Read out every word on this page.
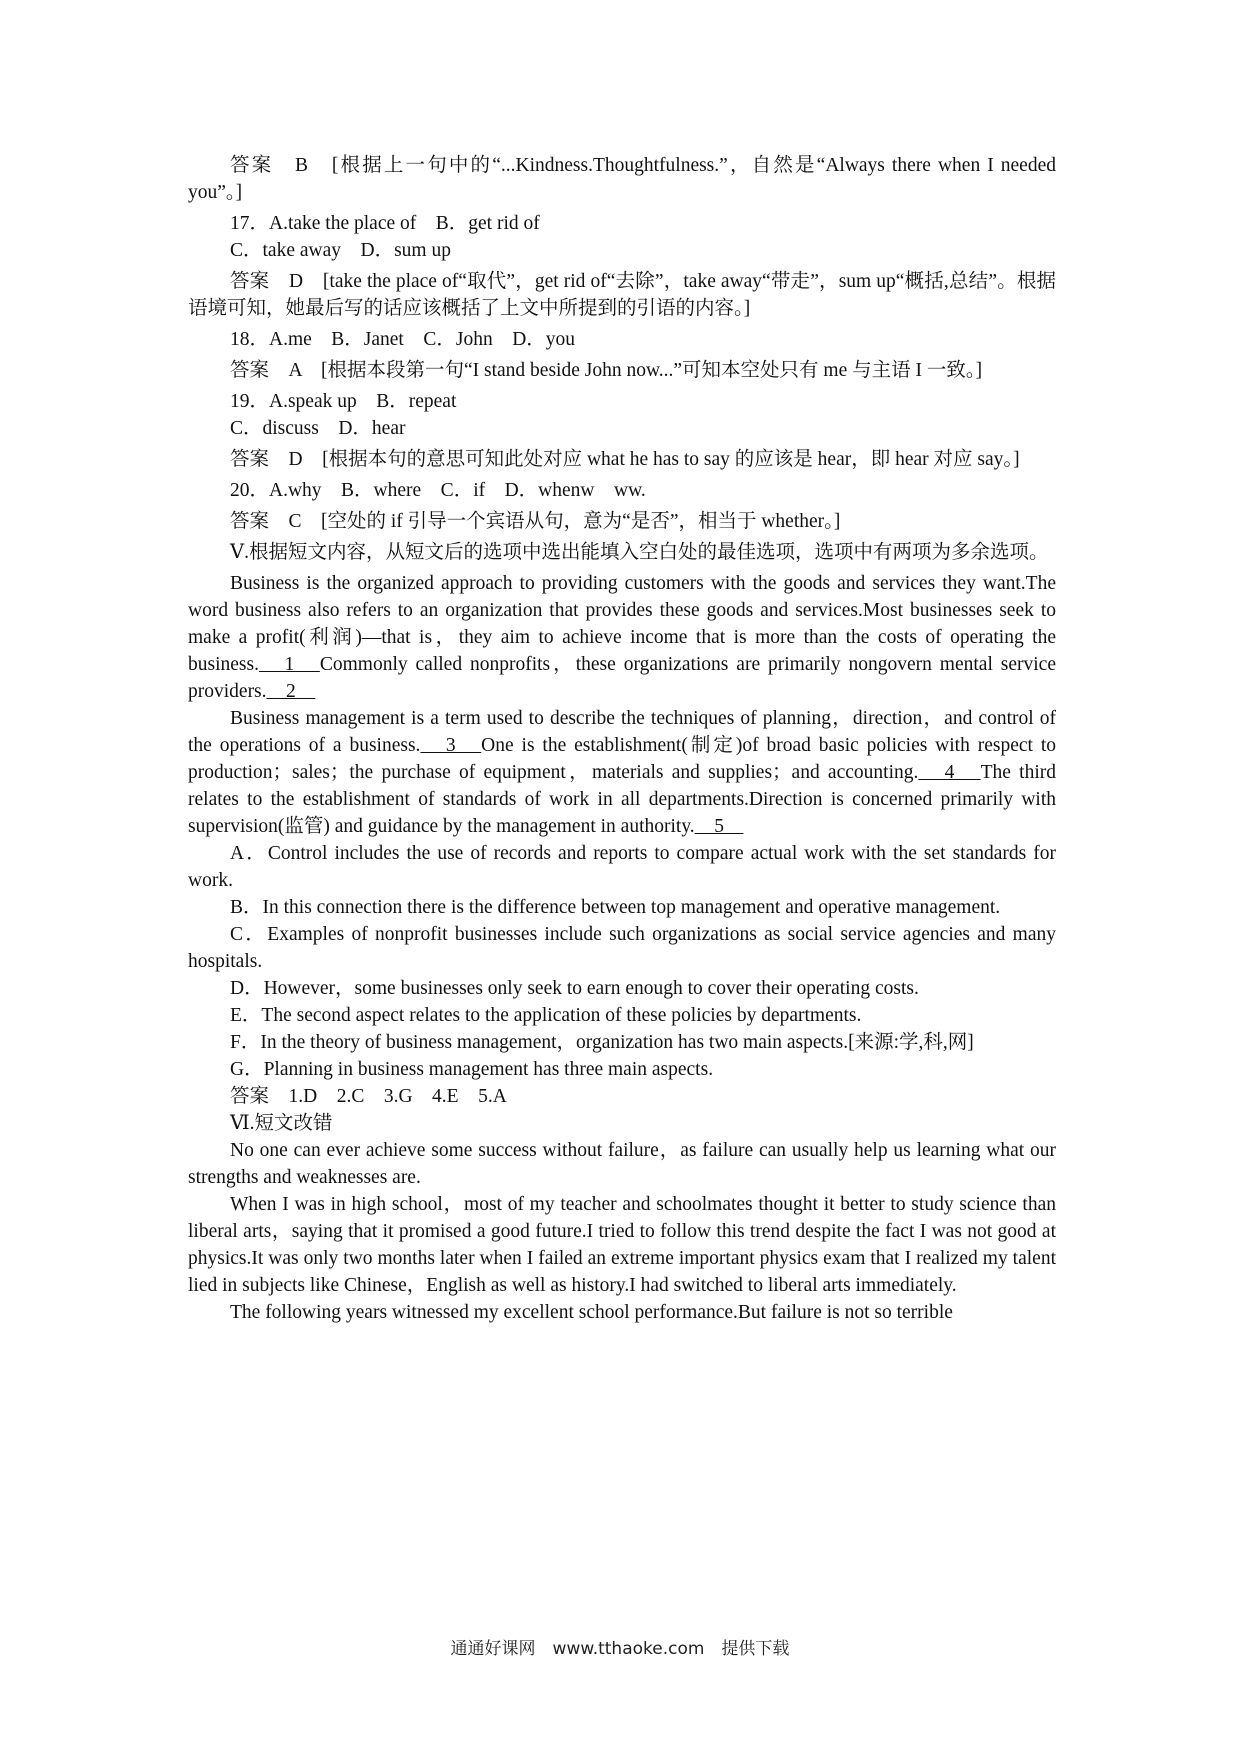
答案　B　[根据上一句中的“...Kindness.Thoughtfulness.”，自然是“Always there when I needed you”。]

17．A.take the place of　B．get rid of

C．take away　D．sum up

答案　D　[take the place of“取代”，get rid of“去除”，take away“带走”，sum up“概括,总结”。根据语境可知，她最后写的话应该概括了上文中所提到的引语的内容。]

18．A.me　B．Janet　C．John　D．you

答案　A　[根据本段第一句“I stand beside John now...”可知本空处只有 me 与主语 I 一致。]

19．A.speak up　B．repeat

C．discuss　D．hear

答案　D　[根据本句的意思可知此处对应 what he has to say 的应该是 hear，即 hear 对应 say。]

20．A.why　B．where　C．if　D．whenw　ww.

答案　C　[空处的 if 引导一个宾语从句，意为“是否”，相当于 whether。]

Ⅴ.根据短文内容，从短文后的选项中选出能填入空白处的最佳选项，选项中有两项为多余选项。

Business is the organized approach to providing customers with the goods and services they want.The word business also refers to an organization that provides these goods and services.Most businesses seek to make a profit(利润)—that is，they aim to achieve income that is more than the costs of operating the business.　1　Commonly called nonprofits，these organizations are primarily nongovern mental service providers.　2　

Business management is a term used to describe the techniques of planning，direction，and control of the operations of a business.　3　One is the establishment(制定)of broad basic policies with respect to production；sales；the purchase of equipment，materials and supplies；and accounting.　4　The third relates to the establishment of standards of work in all departments.Direction is concerned primarily with supervision(监管) and guidance by the management in authority.　5　

A．Control includes the use of records and reports to compare actual work with the set standards for work.

B．In this connection there is the difference between top management and operative management.

C．Examples of nonprofit businesses include such organizations as social service agencies and many hospitals.

D．However，some businesses only seek to earn enough to cover their operating costs.

E．The second aspect relates to the application of these policies by departments.

F．In the theory of business management，organization has two main aspects.[来源:学,科,网]

G．Planning in business management has three main aspects.

答案　1.D　2.C　3.G　4.E　5.A

Ⅵ.短文改错

No one can ever achieve some success without failure，as failure can usually help us learning what our strengths and weaknesses are.

When I was in high school，most of my teacher and schoolmates thought it better to study science than liberal arts，saying that it promised a good future.I tried to follow this trend despite the fact I was not good at physics.It was only two months later when I failed an extreme important physics exam that I realized my talent lied in subjects like Chinese，English as well as history.I had switched to liberal arts immediately.

The following years witnessed my excellent school performance.But failure is not so terrible

通通好课网　www.tthaoke.com　提供下载
